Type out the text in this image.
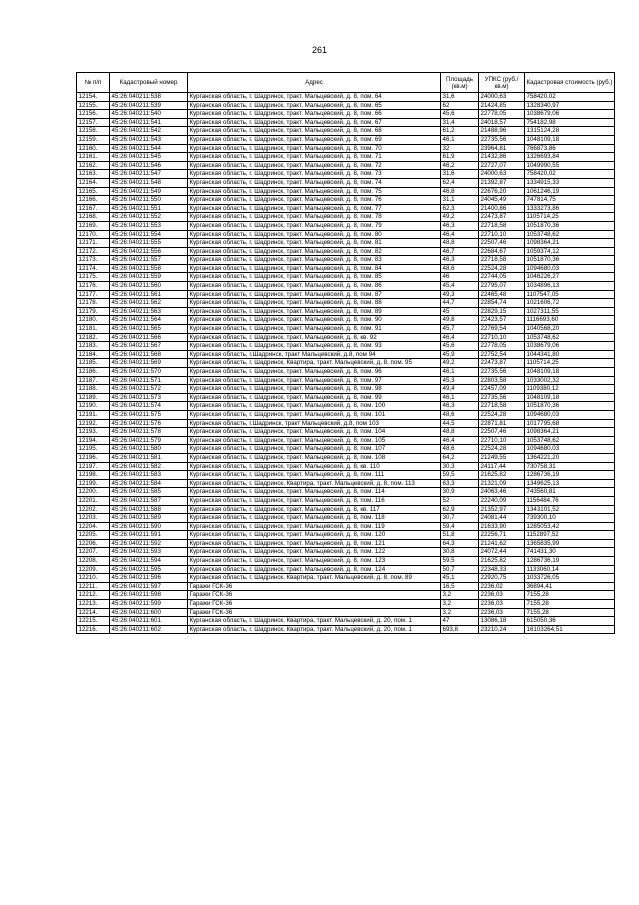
261
№ п/п	Кадастровый номер	Адрес	Площадь (кв.м)	УПКС (руб./кв.м)	Кадастровая стоимость (руб.)
12154.	45:26:040211:538	Курганская область, г. Шадринск, тракт. Мальцевский, д. 8, пом. 64	31,6	24000,63	758420,02
12155.	45:26:040211:539	Курганская область, г. Шадринск, тракт. Мальцевский, д. 8, пом. 65	62	21424,85	1328340,97
12156.	45:26:040211:540	Курганская область, г. Шадринск, тракт. Мальцевский, д. 8, пом. 66	45,6	22778,05	1038679,06
12157.	45:26:040211:541	Курганская область, г. Шадринск, тракт. Мальцевский, д. 8, пом. 67	31,4	24018,57	754182,98
12158.	45:26:040211:542	Курганская область, г. Шадринск, тракт. Мальцевский, д. 8, пом. 68	61,2	21488,96	1315124,28
12159.	45:26:040211:543	Курганская область, г. Шадринск, тракт. Мальцевский, д. 8, пом. 69	46,1	22735,56	1048109,18
12160.	45:26:040211:544	Курганская область, г. Шадринск, тракт. Мальцевский, д. 8, пом. 70	32	23964,81	766873,86
12161.	45:26:040211:545	Курганская область, г. Шадринск, тракт. Мальцевский, д. 8, пом. 71	61,9	21432,86	1326693,84
12162.	45:26:040211:546	Курганская область, г. Шадринск, тракт. Мальцевский, д. 8, пом. 72	46,2	22727,07	1049990,55
12163.	45:26:040211:547	Курганская область, г. Шадринск, тракт. Мальцевский, д. 8, пом. 73	31,6	24000,63	758420,02
12164.	45:26:040211:548	Курганская область, г. Шадринск, тракт. Мальцевский, д. 8, пом. 74	62,4	21392,87	1334915,33
12165.	45:26:040211:549	Курганская область, г. Шадринск, тракт. Мальцевский, д. 8, пом. 75	46,8	22676,20	1061246,19
12166.	45:26:040211:550	Курганская область, г. Шадринск, тракт. Мальцевский, д. 8, пом. 76	31,1	24045,49	747814,75
12167.	45:26:040211:551	Курганская область, г. Шадринск, тракт. Мальцевский, д. 8, пом. 77	62,3	21400,86	1333273,86
12168.	45:26:040211:552	Курганская область, г. Шадринск, тракт. Мальцевский, д. 8, пом. 78	49,2	22473,87	1105714,25
12169.	45:26:040211:553	Курганская область, г. Шадринск, тракт. Мальцевский, д. 8, пом. 79	46,3	22718,58	1051870,36
12170.	45:26:040211:554	Курганская область, г. Шадринск, тракт. Мальцевский, д. 8, пом. 80	46,4	22710,10	1053748,62
12171.	45:26:040211:555	Курганская область, г. Шадринск, тракт. Мальцевский, д. 8, пом. 81	48,8	22507,46	1098364,21
12172.	45:26:040211:556	Курганская область, г. Шадринск, тракт. Мальцевский, д. 8, пом. 82	46,7	22684,67	1059374,12
12173.	45:26:040211:557	Курганская область, г. Шадринск, тракт. Мальцевский, д. 8, пом. 83	46,3	22718,58	1051870,36
12174.	45:26:040211:558	Курганская область, г. Шадринск, тракт. Мальцевский, д. 8, пом. 84	48,6	22524,28	1094680,03
12175.	45:26:040211:559	Курганская область, г. Шадринск, тракт. Мальцевский, д. 8, пом. 85	46	22744,05	1046226,27
12176.	45:26:040211:560	Курганская область, г. Шадринск, тракт. Мальцевский, д. 8, пом. 86	45,4	22795,07	1034896,13
12177.	45:26:040211:561	Курганская область, г. Шадринск, тракт. Мальцевский, д. 8, пом. 87	49,3	22465,48	1107547,05
12178.	45:26:040211:562	Курганская область, г. Шадринск, тракт. Мальцевский, д. 8, пом. 88	44,7	22854,74	1021606,72
12179.	45:26:040211:563	Курганская область, г. Шадринск, тракт. Мальцевский, д. 8, пом. 89	45	22829,15	1027311,55
12180.	45:26:040211:564	Курганская область, г. Шадринск, тракт. Мальцевский, д. 8, пом. 90	49,8	22423,57	1116693,60
12181.	45:26:040211:565	Курганская область, г. Шадринск, тракт. Мальцевский, д. 8, пом. 91	45,7	22769,54	1040568,20
12182.	45:26:040211:566	Курганская область, г. Шадринск, тракт. Мальцевский, д. 8, кв. 92	46,4	22710,10	1053748,62
12183.	45:26:040211:567	Курганская область, г. Шадринск, тракт. Мальцевский, д. 8, пом. 93	45,6	22778,05	1038679,06
12184.	45:26:040211:568	Курганская область, г.Шадринск, тракт Мальцевский, д.8, пом 94	45,9	22752,54	1044341,80
12185.	45:26:040211:569	Курганская область, г. Шадринск, Квартира, тракт. Мальцевский, д. 8, пом. 95	49,2	22473,87	1105714,25
12186.	45:26:040211:570	Курганская область, г. Шадринск, тракт. Мальцевский, д. 8, пом. 96	46,1	22735,56	1048109,18
12187.	45:26:040211:571	Курганская область, г. Шадринск, тракт. Мальцевский, д. 8, пом. 97	45,3	22803,58	1033002,32
12188.	45:26:040211:572	Курганская область, г. Шадринск, тракт. Мальцевский, д. 8, пом. 98	49,4	22457,09	1109380,12
12189.	45:26:040211:573	Курганская область, г. Шадринск, тракт. Мальцевский, д. 8, пом. 99	46,1	22735,56	1048109,18
12190.	45:26:040211:574	Курганская область, г. Шадринск, тракт. Мальцевский, д. 8, пом. 100	46,3	22718,58	1051870,36
12191.	45:26:040211:575	Курганская область, г. Шадринск, тракт. Мальцевский, д. 8, пом. 101	48,6	22524,28	1094680,03
12192.	45:26:040211:576	Курганская область, г.Шадринск, тракт Мальцевский, д.8, пом 103	44,5	22871,81	1017795,68
12193.	45:26:040211:578	Курганская область, г. Шадринск, тракт. Мальцевский, д. 8, пом. 104	48,8	22507,46	1098364,21
12194.	45:26:040211:579	Курганская область, г. Шадринск, тракт. Мальцевский, д. 8, пом. 105	46,4	22710,10	1053748,62
12195.	45:26:040211:580	Курганская область, г. Шадринск, тракт. Мальцевский, д. 8, пом. 107	48,6	22524,28	1094680,03
12196.	45:26:040211:581	Курганская область, г. Шадринск, тракт. Мальцевский, д. 8, пом. 108	64,2	21249,55	1364221,20
12197.	45:26:040211:582	Курганская область, г. Шадринск, тракт. Мальцевский, д. 8, кв. 110	30,3	24117,44	730758,31
12198.	45:26:040211:583	Курганская область, г. Шадринск, тракт. Мальцевский, д. 8, пом. 111	59,5	21625,82	1286736,19
12199.	45:26:040211:584	Курганская область, г. Шадринск, Квартира, тракт. Мальцевский, д. 8, пом. 113	63,3	21321,09	1349625,13
12200.	45:26:040211:585	Курганская область, г. Шадринск, тракт. Мальцевский, д. 8, пом. 114	30,9	24063,46	743560,81
12201.	45:26:040211:587	Курганская область, г. Шадринск, тракт. Мальцевский, д. 8, пом. 116	52	22240,09	1156484,76
12202.	45:26:040211:588	Курганская область, г. Шадринск, тракт. Мальцевский, д. 8, кв. 117	62,9	21352,97	1343101,52
12203.	45:26:040211:589	Курганская область, г. Шадринск, тракт. Мальцевский, д. 8, пом. 118	30,7	24081,44	739300,10
12204.	45:26:040211:590	Курганская область, г. Шадринск, тракт. Мальцевский, д. 8, пом. 119	59,4	21633,90	1285053,42
12205.	45:26:040211:591	Курганская область, г. Шадринск, тракт. Мальцевский, д. 8, пом. 120	51,8	22256,71	1152897,52
12206.	45:26:040211:592	Курганская область, г. Шадринск, тракт. Мальцевский, д. 8, пом. 121	64,3	21241,62	1365835,99
12207.	45:26:040211:593	Курганская область, г. Шадринск, тракт. Мальцевский, д. 8, пом. 122	30,8	24072,44	741431,30
12208.	45:26:040211:594	Курганская область, г. Шадринск, тракт. Мальцевский, д. 8, пом. 123	59,5	21625,82	1286736,19
12209.	45:26:040211:595	Курганская область, г. Шадринск, тракт. Мальцевский, д. 8, пом. 124	50,7	22348,33	1133060,14
12210.	45:26:040211:596	Курганская область, г. Шадринск, Квартира, тракт. Мальцевский, д. 8, пом. 89	45,1	22920,75	1033726,05
12211.	45:26:040211:597	Гаражи ГСК-36	16,5	2236,02	36894,41
12212.	45:26:040211:598	Гаражи ГСК-36	3,2	2236,03	7155,28
12213.	45:26:040211:599	Гаражи ГСК-36	3,2	2236,03	7155,28
12214.	45:26:040211:600	Гаражи ГСК-36	3,2	2236,03	7155,28
12215.	45:26:040211:601	Курганская область, г. Шадринск, Квартира, тракт. Мальцевский, д. 20, пом. 1	47	13086,18	615050,36
12216.	45:26:040211:602	Курганская область, г. Шадринск, Квартира, тракт. Мальцевский, д. 20, пом. 1	693,8	23210,24	16103264,51
